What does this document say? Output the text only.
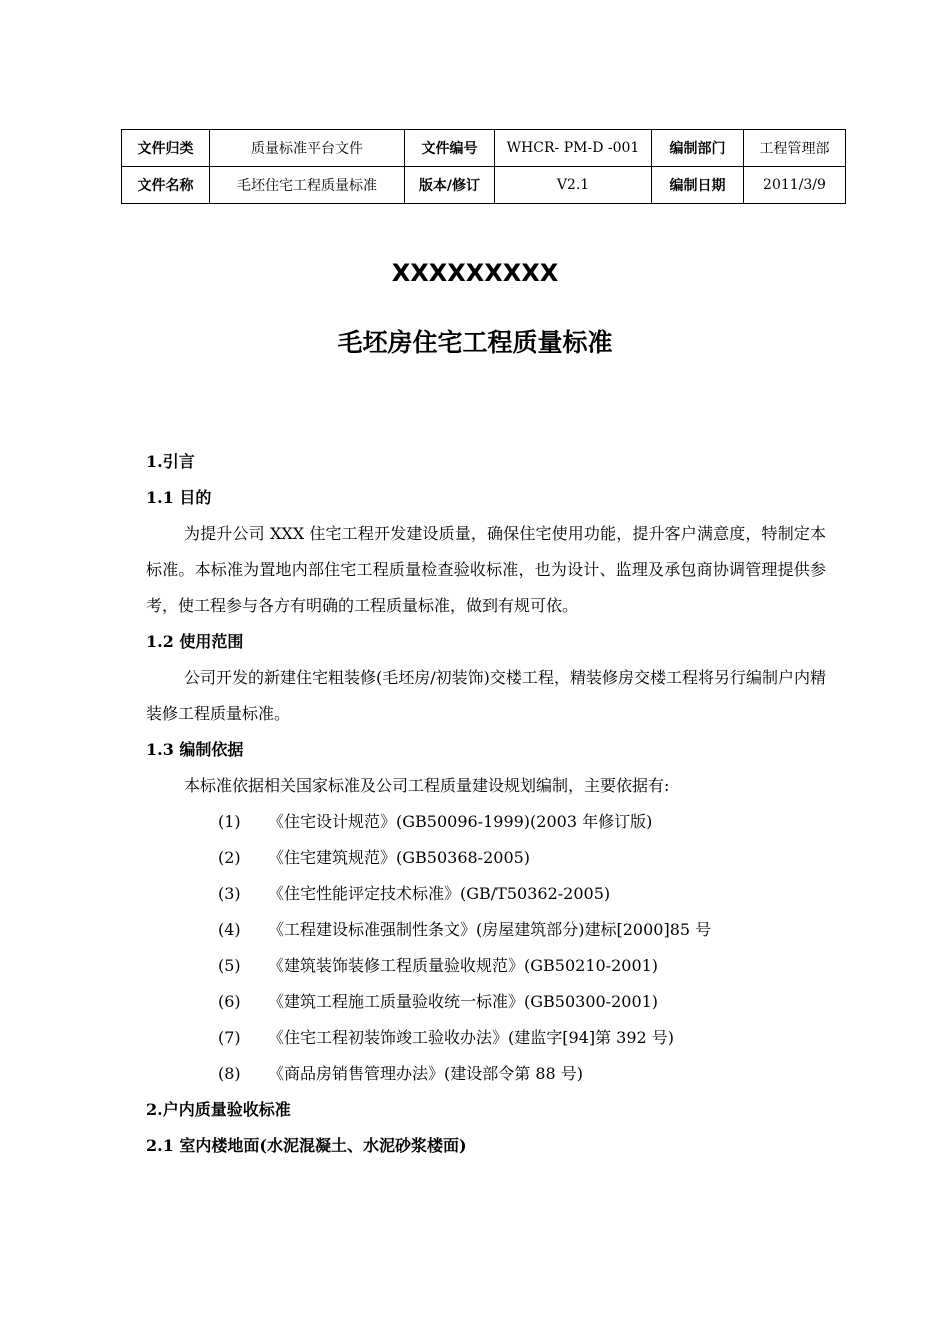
文件归类	质量标准平台文件	文件编号	WHCR- PM-D -001	编制部门	工程管理部
文件名称	毛坯住宅工程质量标准	版本/修订	V2.1	编制日期	2011/3/9
XXXXXXXXX
毛坯房住宅工程质量标准

1.引言

1.1 目的

为提升公司 XXX 住宅工程开发建设质量，确保住宅使用功能，提升客户满意度，特制定本标准。本标准为置地内部住宅工程质量检查验收标准，也为设计、监理及承包商协调管理提供参考，使工程参与各方有明确的工程质量标准，做到有规可依。

1.2 使用范围

公司开发的新建住宅粗装修(毛坯房/初装饰)交楼工程，精装修房交楼工程将另行编制户内精装修工程质量标准。

1.3 编制依据

本标准依据相关国家标准及公司工程质量建设规划编制，主要依据有:

(1) 《住宅设计规范》(GB50096-1999)(2003 年修订版)

(2) 《住宅建筑规范》(GB50368-2005)

(3) 《住宅性能评定技术标准》(GB/T50362-2005)

(4) 《工程建设标准强制性条文》(房屋建筑部分)建标[2000]85 号

(5) 《建筑装饰装修工程质量验收规范》(GB50210-2001)

(6) 《建筑工程施工质量验收统一标准》(GB50300-2001)

(7) 《住宅工程初装饰竣工验收办法》(建监字[94]第 392 号)

(8) 《商品房销售管理办法》(建设部令第 88 号)

2.户内质量验收标准

2.1 室内楼地面(水泥混凝土、水泥砂浆楼面)
